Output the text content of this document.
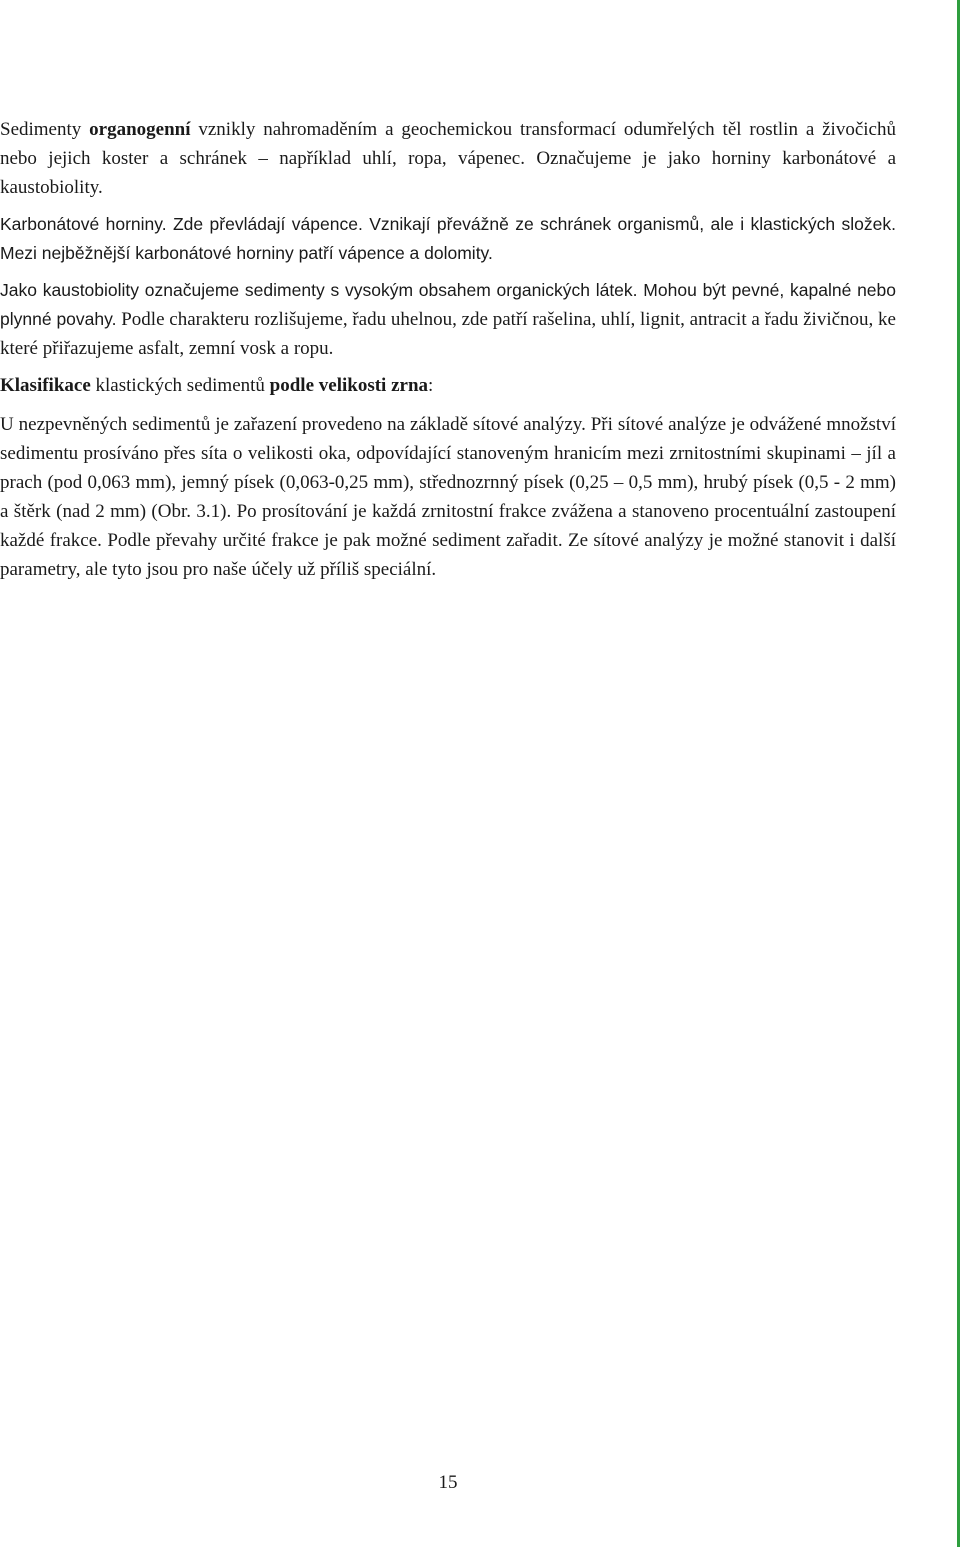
Sedimenty organogenní vznikly nahromaděním a geochemickou transformací odumřelých těl rostlin a živočichů nebo jejich koster a schránek – například uhlí, ropa, vápenec. Označujeme je jako horniny karbonátové a kaustobiolity.

Karbonátové horniny. Zde převládají vápence. Vznikají převážně ze schránek organismů, ale i klastických složek. Mezi nejběžnější karbonátové horniny patří vápence a dolomity.

Jako kaustobiolity označujeme sedimenty s vysokým obsahem organických látek. Mohou být pevné, kapalné nebo plynné povahy. Podle charakteru rozlišujeme, řadu uhelnou, zde patří rašelina, uhlí, lignit, antracit a řadu živičnou, ke které přiřazujeme asfalt, zemní vosk a ropu.

Klasifikace klastických sedimentů podle velikosti zrna:

U nezpevněných sedimentů je zařazení provedeno na základě sítové analýzy. Při sítové analýze je odvážené množství sedimentu prosíváno přes síta o velikosti oka, odpovídající stanoveným hranicím mezi zrnitostními skupinami – jíl a prach (pod 0,063 mm), jemný písek (0,063-0,25 mm), střednozrnný písek (0,25 – 0,5 mm), hrubý písek (0,5 - 2 mm) a štěrk (nad 2 mm) (Obr. 3.1). Po prosítování je každá zrnitostní frakce zvážena a stanoveno procentuální zastoupení každé frakce. Podle převahy určité frakce je pak možné sediment zařadit. Ze sítové analýzy je možné stanovit i další parametry, ale tyto jsou pro naše účely už příliš speciální.

15
